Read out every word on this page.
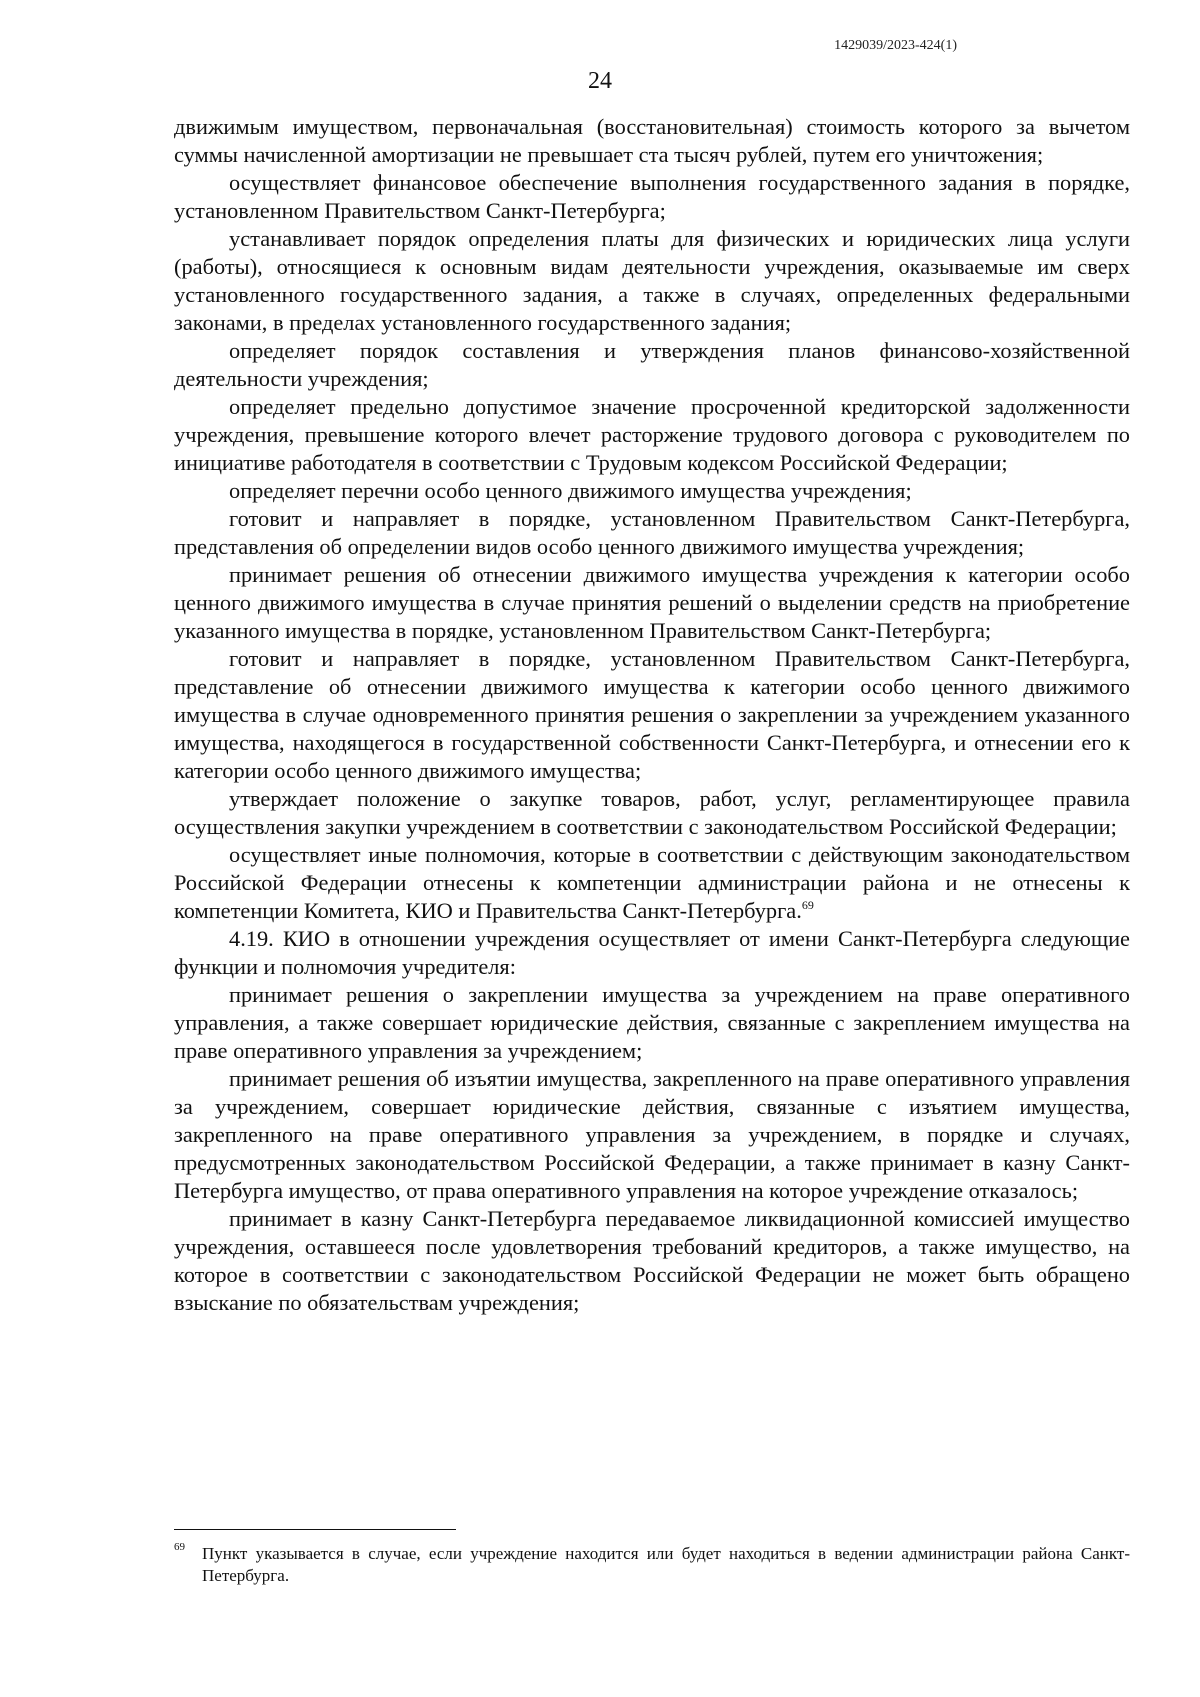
1429039/2023-424(1)
24

движимым имуществом, первоначальная (восстановительная) стоимость которого за вычетом суммы начисленной амортизации не превышает ста тысяч рублей, путем его уничтожения;

осуществляет финансовое обеспечение выполнения государственного задания в порядке, установленном Правительством Санкт-Петербурга;

устанавливает порядок определения платы для физических и юридических лица услуги (работы), относящиеся к основным видам деятельности учреждения, оказываемые им сверх установленного государственного задания, а также в случаях, определенных федеральными законами, в пределах установленного государственного задания;

определяет порядок составления и утверждения планов финансово-хозяйственной деятельности учреждения;

определяет предельно допустимое значение просроченной кредиторской задолженности учреждения, превышение которого влечет расторжение трудового договора с руководителем по инициативе работодателя в соответствии с Трудовым кодексом Российской Федерации;

определяет перечни особо ценного движимого имущества учреждения;

готовит и направляет в порядке, установленном Правительством Санкт-Петербурга, представления об определении видов особо ценного движимого имущества учреждения;

принимает решения об отнесении движимого имущества учреждения к категории особо ценного движимого имущества в случае принятия решений о выделении средств на приобретение указанного имущества в порядке, установленном Правительством Санкт-Петербурга;

готовит и направляет в порядке, установленном Правительством Санкт-Петербурга, представление об отнесении движимого имущества к категории особо ценного движимого имущества в случае одновременного принятия решения о закреплении за учреждением указанного имущества, находящегося в государственной собственности Санкт-Петербурга, и отнесении его к категории особо ценного движимого имущества;

утверждает положение о закупке товаров, работ, услуг, регламентирующее правила осуществления закупки учреждением в соответствии с законодательством Российской Федерации;

осуществляет иные полномочия, которые в соответствии с действующим законодательством Российской Федерации отнесены к компетенции администрации района и не отнесены к компетенции Комитета, КИО и Правительства Санкт-Петербурга.$^{69}$

4.19. КИО в отношении учреждения осуществляет от имени Санкт-Петербурга следующие функции и полномочия учредителя:

принимает решения о закреплении имущества за учреждением на праве оперативного управления, а также совершает юридические действия, связанные с закреплением имущества на праве оперативного управления за учреждением;

принимает решения об изъятии имущества, закрепленного на праве оперативного управления за учреждением, совершает юридические действия, связанные с изъятием имущества, закрепленного на праве оперативного управления за учреждением, в порядке и случаях, предусмотренных законодательством Российской Федерации, а также принимает в казну Санкт-Петербурга имущество, от права оперативного управления на которое учреждение отказалось;

принимает в казну Санкт-Петербурга передаваемое ликвидационной комиссией имущество учреждения, оставшееся после удовлетворения требований кредиторов, а также имущество, на которое в соответствии с законодательством Российской Федерации не может быть обращено взыскание по обязательствам учреждения;

69 Пункт указывается в случае, если учреждение находится или будет находиться в ведении администрации района Санкт-Петербурга.
